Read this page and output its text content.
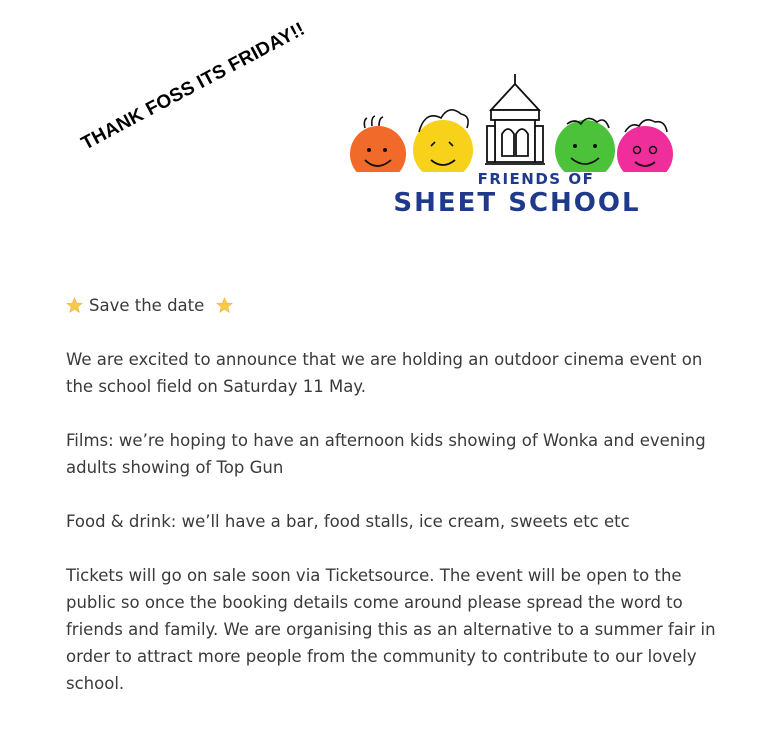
THANK FOSS ITS FRIDAY!!
FRIENDS OF
SHEET SCHOOL

Save the date

We are excited to announce that we are holding an outdoor cinema event on the school field on Saturday 11 May.

Films: we’re hoping to have an afternoon kids showing of Wonka and evening adults showing of Top Gun

Food & drink: we’ll have a bar, food stalls, ice cream, sweets etc etc

Tickets will go on sale soon via Ticketsource. The event will be open to the public so once the booking details come around please spread the word to friends and family. We are organising this as an alternative to a summer fair in order to attract more people from the community to contribute to our lovely school.
